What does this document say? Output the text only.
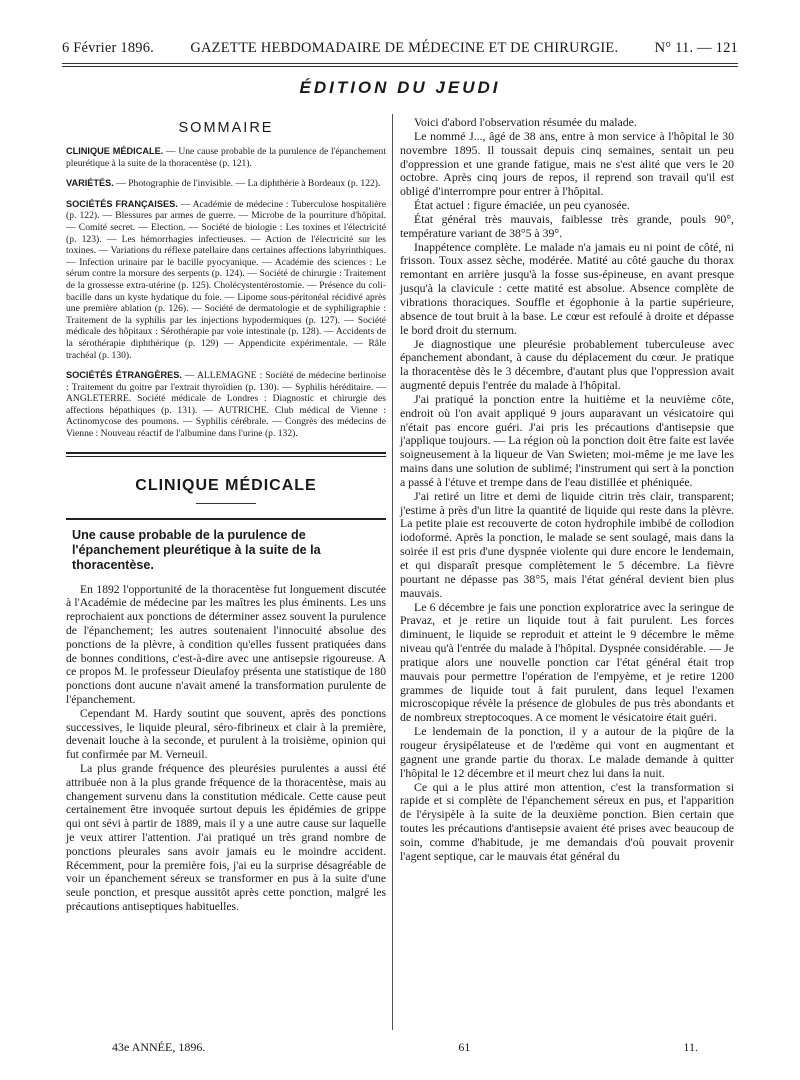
6 Février 1896.	GAZETTE HEBDOMADAIRE DE MÉDECINE ET DE CHIRURGIE.	N° 11. — 121
ÉDITION DU JEUDI
SOMMAIRE

CLINIQUE MÉDICALE. — Une cause probable de la purulence de l'épanchement pleurétique à la suite de la thoracentèse (p. 121).

VARIÉTÉS. — Photographie de l'invisible. — La diphthérie à Bordeaux (p. 122).

SOCIÉTÉS FRANÇAISES. — Académie de médecine : Tuberculose hospitalière (p. 122). — Blessures par armes de guerre. — Microbe de la pourriture d'hôpital. — Comité secret. — Election. — Société de biologie : Les toxines et l'électricité (p. 123). — Les hémorrhagies infectieuses. — Action de l'électricité sur les toxines. — Variations du réflexe patellaire dans certaines affections labyrinthiques. — Infection urinaire par le bacille pyocyanique. — Académie des sciences : Le sérum contre la morsure des serpents (p. 124). — Société de chirurgie : Traitement de la grossesse extra-utérine (p. 125). Cholécystentérostomie. — Présence du coli-bacille dans un kyste hydatique du foie. — Lipome sous-péritonéal récidivé après une première ablation (p. 126). — Société de dermatologie et de syphiligraphie : Traitement de la syphilis par les injections hypodermiques (p. 127). — Société médicale des hôpitaux : Sérothérapie par voie intestinale (p. 128). — Accidents de la sérothérapie diphthérique (p. 129) — Appendicite expérimentale. — Râle trachéal (p. 130).

SOCIÉTÉS ÉTRANGÈRES. — ALLEMAGNE : Société de médecine berlinoise : Traitement du goitre par l'extrait thyroïdien (p. 130). — Syphilis héréditaire. — ANGLETERRE. Société médicale de Londres : Diagnostic et chirurgie des affections hépathiques (p. 131). — AUTRICHE. Club médical de Vienne : Actinomycose des poumons. — Syphilis cérébrale. — Congrès des médecins de Vienne : Nouveau réactif de l'albumine dans l'urine (p. 132).

CLINIQUE MÉDICALE
Une cause probable de la purulence de l'épanchement pleurétique à la suite de la thoracentèse.

En 1892 l'opportunité de la thoracentèse fut longuement discutée à l'Académie de médecine par les maîtres les plus éminents. Les uns reprochaient aux ponctions de déterminer assez souvent la purulence de l'épanchement; les autres soutenaient l'innocuité absolue des ponctions de la plèvre, à condition qu'elles fussent pratiquées dans de bonnes conditions, c'est-à-dire avec une antisepsie rigoureuse. A ce propos M. le professeur Dieulafoy présenta une statistique de 180 ponctions dont aucune n'avait amené la transformation purulente de l'épanchement.

Cependant M. Hardy soutint que souvent, après des ponctions successives, le liquide pleural, séro-fibrineux et clair à la première, devenait louche à la seconde, et purulent à la troisième, opinion qui fut confirmée par M. Verneuil.

La plus grande fréquence des pleurésies purulentes a aussi été attribuée non à la plus grande fréquence de la thoracentèse, mais au changement survenu dans la constitution médicale. Cette cause peut certainement être invoquée surtout depuis les épidémies de grippe qui ont sévi à partir de 1889, mais il y a une autre cause sur laquelle je veux attirer l'attention. J'ai pratiqué un très grand nombre de ponctions pleurales sans avoir jamais eu le moindre accident. Récemment, pour la première fois, j'ai eu la surprise désagréable de voir un épanchement séreux se transformer en pus à la suite d'une seule ponction, et presque aussitôt après cette ponction, malgré les précautions antiseptiques habituelles.

Voici d'abord l'observation résumée du malade.

Le nommé J..., âgé de 38 ans, entre à mon service à l'hôpital le 30 novembre 1895. Il toussait depuis cinq semaines, sentait un peu d'oppression et une grande fatigue, mais ne s'est alité que vers le 20 octobre. Après cinq jours de repos, il reprend son travail qu'il est obligé d'interrompre pour entrer à l'hôpital.

État actuel : figure émaciée, un peu cyanosée.

État général très mauvais, faiblesse très grande, pouls 90°, température variant de 38°5 à 39°.

Inappétence complète. Le malade n'a jamais eu ni point de côté, ni frisson. Toux assez sèche, modérée. Matité au côté gauche du thorax remontant en arrière jusqu'à la fosse sus-épineuse, en avant presque jusqu'à la clavicule : cette matité est absolue. Absence complète de vibrations thoraciques. Souffle et égophonie à la partie supérieure, absence de tout bruit à la base. Le cœur est refoulé à droite et dépasse le bord droit du sternum.

Je diagnostique une pleurésie probablement tuberculeuse avec épanchement abondant, à cause du déplacement du cœur. Je pratique la thoracentèse dès le 3 décembre, d'autant plus que l'oppression avait augmenté depuis l'entrée du malade à l'hôpital.

J'ai pratiqué la ponction entre la huitième et la neuvième côte, endroit où l'on avait appliqué 9 jours auparavant un vésicatoire qui n'était pas encore guéri. J'ai pris les précautions d'antisepsie que j'applique toujours. — La région où la ponction doit être faite est lavée soigneusement à la liqueur de Van Swieten; moi-même je me lave les mains dans une solution de sublimé; l'instrument qui sert à la ponction a passé à l'étuve et trempe dans de l'eau distillée et phéniquée.

J'ai retiré un litre et demi de liquide citrin très clair, transparent; j'estime à près d'un litre la quantité de liquide qui reste dans la plèvre. La petite plaie est recouverte de coton hydrophile imbibé de collodion iodoformé. Après la ponction, le malade se sent soulagé, mais dans la soirée il est pris d'une dyspnée violente qui dure encore le lendemain, et qui disparaît presque complètement le 5 décembre. La fièvre pourtant ne dépasse pas 38°5, mais l'état général devient bien plus mauvais.

Le 6 décembre je fais une ponction exploratrice avec la seringue de Pravaz, et je retire un liquide tout à fait purulent. Les forces diminuent, le liquide se reproduit et atteint le 9 décembre le même niveau qu'à l'entrée du malade à l'hôpital. Dyspnée considérable. — Je pratique alors une nouvelle ponction car l'état général était trop mauvais pour permettre l'opération de l'empyème, et je retire 1200 grammes de liquide tout à fait purulent, dans lequel l'examen microscopique révèle la présence de globules de pus très abondants et de nombreux streptocoques. A ce moment le vésicatoire était guéri.

Le lendemain de la ponction, il y a autour de la piqûre de la rougeur érysipélateuse et de l'œdème qui vont en augmentant et gagnent une grande partie du thorax. Le malade demande à quitter l'hôpital le 12 décembre et il meurt chez lui dans la nuit.

Ce qui a le plus attiré mon attention, c'est la transformation si rapide et si complète de l'épanchement séreux en pus, et l'apparition de l'érysipèle à la suite de la deuxième ponction. Bien certain que toutes les précautions d'antisepsie avaient été prises avec beaucoup de soin, comme d'habitude, je me demandais d'où pouvait provenir l'agent septique, car le mauvais état général du

43e ANNÉE, 1896.	61	11.
